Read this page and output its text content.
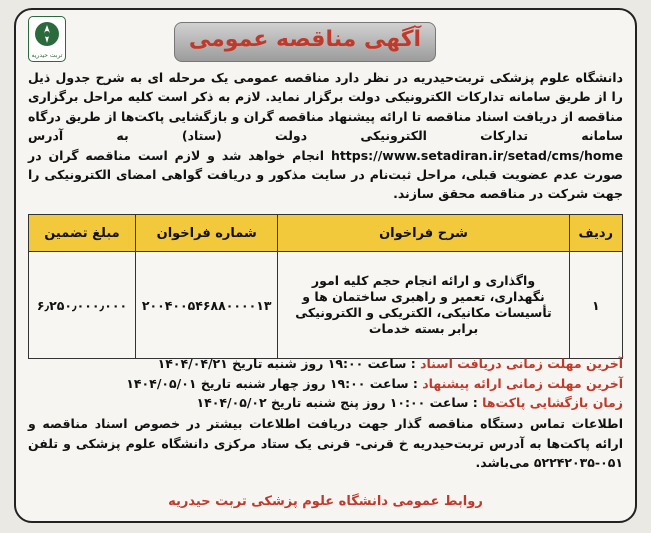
تربت حیدریه
آگهی مناقصه عمومی
دانشگاه علوم پزشکی تربت‌حیدریه در نظر دارد مناقصه عمومی یک مرحله ای به شرح جدول ذیل را از طریق سامانه تدارکات الکترونیکی دولت برگزار نماید. لازم به ذکر است کلیه مراحل برگزاری مناقصه از دریافت اسناد مناقصه تا ارائه پیشنهاد مناقصه گران و بازگشایی پاکت‌ها از طریق درگاه سامانه تدارکات الکترونیکی دولت (ستاد) به آدرس https://www.setadiran.ir/setad/cms/home انجام خواهد شد و لازم است مناقصه گران در صورت عدم عضویت قبلی، مراحل ثبت‌نام در سایت مذکور و دریافت گواهی امضای الکترونیکی را جهت شرکت در مناقصه محقق سازند.
ردیف	شرح فراخوان	شماره فراخوان	مبلغ تضمین
۱	واگذاری و ارائه انجام حجم کلیه امور نگهداری، تعمیر و راهبری ساختمان ها و تأسیسات مکانیکی، الکتریکی و الکترونیکی برابر بسته خدمات	۲۰۰۴۰۰۵۴۶۸۸۰۰۰۰۱۳	۶٫۲۵۰٫۰۰۰٫۰۰۰
آخرین مهلت زمانی دریافت اسناد : ساعت ۱۹:۰۰ روز شنبه تاریخ ۱۴۰۴/۰۴/۲۱
آخرین مهلت زمانی ارائه پیشنهاد : ساعت ۱۹:۰۰ روز چهار شنبه تاریخ ۱۴۰۴/۰۵/۰۱
زمان بازگشایی پاکت‌ها : ساعت ۱۰:۰۰ روز پنج شنبه تاریخ ۱۴۰۴/۰۵/۰۲
اطلاعات تماس دستگاه مناقصه گذار جهت دریافت اطلاعات بیشتر در خصوص اسناد مناقصه و ارائه پاکت‌ها به آدرس تربت‌حیدریه خ قرنی- قرنی یک ستاد مرکزی دانشگاه علوم پزشکی و تلفن ۰۵۱-۵۲۲۴۲۰۳۵ می‌باشد.
روابط عمومی دانشگاه علوم پزشکی تربت حیدریه
